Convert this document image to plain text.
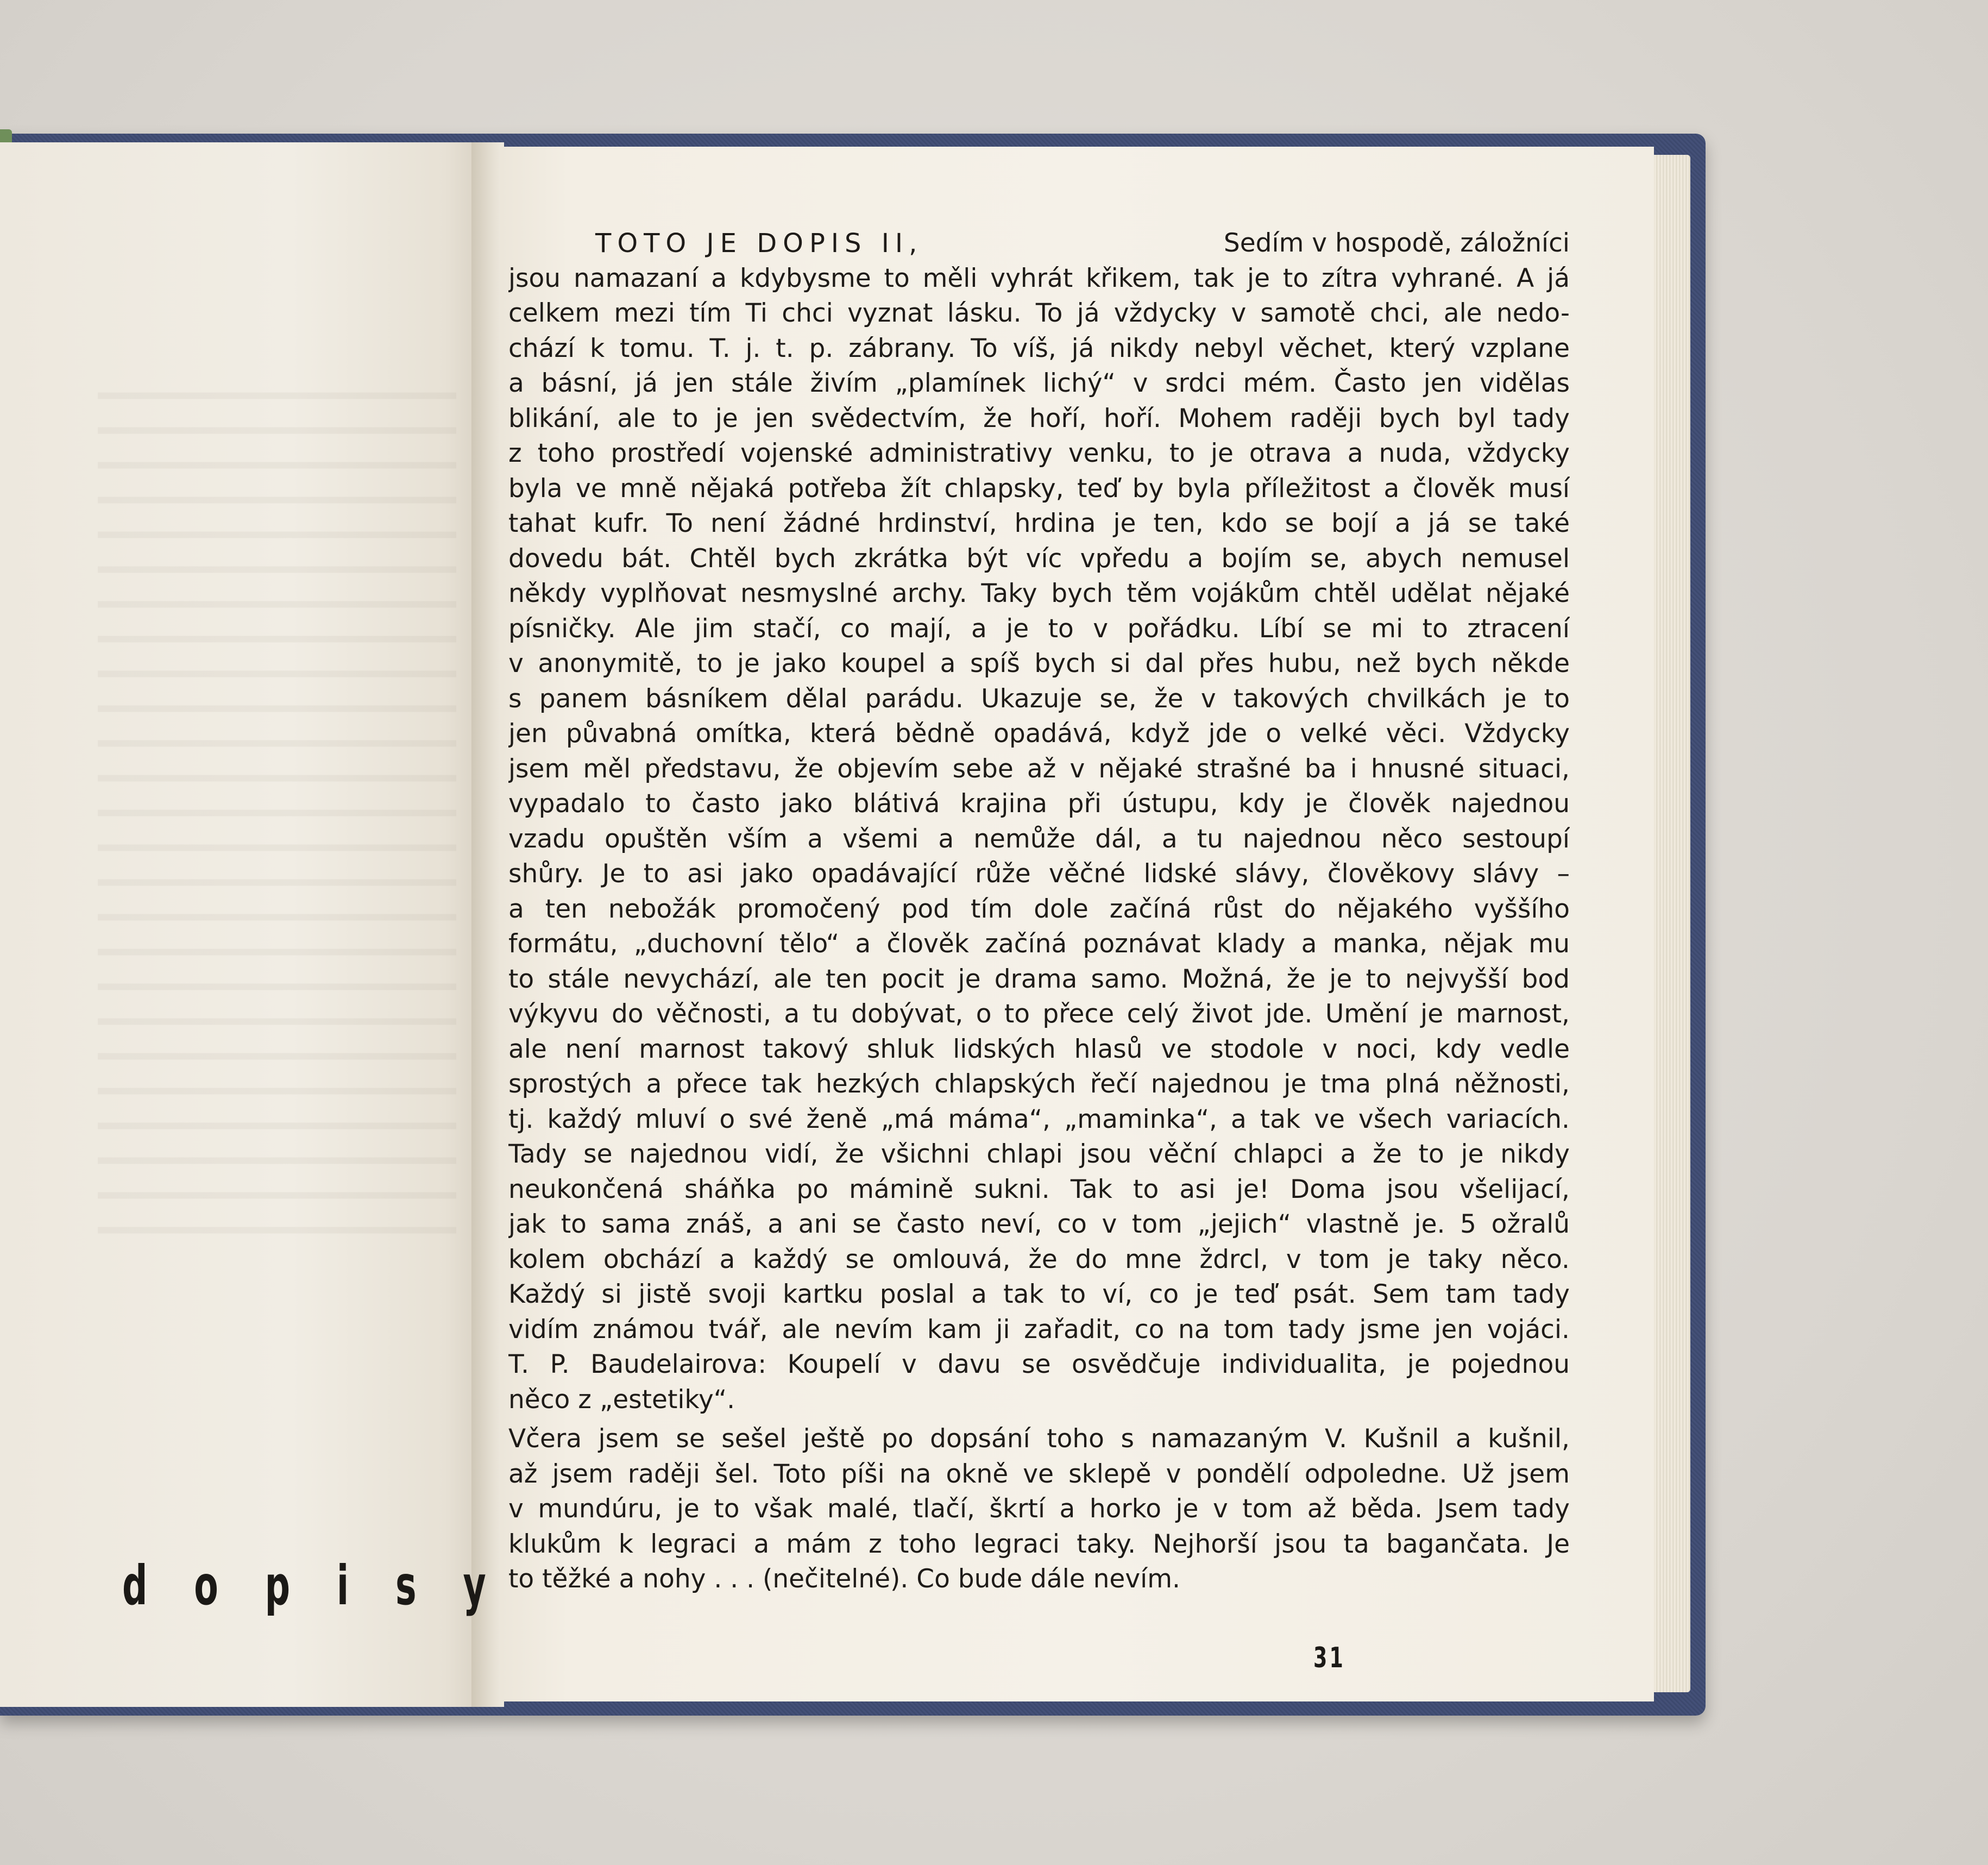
TOTO JE DOPIS II,	Sedím v hospodě, záložníci
jsou namazaní a kdybysme to měli vyhrát křikem, tak je to zítra vyhrané. A já
celkem mezi tím Ti chci vyznat lásku. To já vždycky v samotě chci, ale nedo-
chází k tomu. T. j. t. p. zábrany. To víš, já nikdy nebyl věchet, který vzplane
a básní, já jen stále živím „plamínek lichý“ v srdci mém. Často jen vidělas
blikání, ale to je jen svědectvím, že hoří, hoří. Mohem raději bych byl tady
z toho prostředí vojenské administrativy venku, to je otrava a nuda, vždycky
byla ve mně nějaká potřeba žít chlapsky, teď by byla příležitost a člověk musí
tahat kufr. To není žádné hrdinství, hrdina je ten, kdo se bojí a já se také
dovedu bát. Chtěl bych zkrátka být víc vpředu a bojím se, abych nemusel
někdy vyplňovat nesmyslné archy. Taky bych těm vojákům chtěl udělat nějaké
písničky. Ale jim stačí, co mají, a je to v pořádku. Líbí se mi to ztracení
v anonymitě, to je jako koupel a spíš bych si dal přes hubu, než bych někde
s panem básníkem dělal parádu. Ukazuje se, že v takových chvilkách je to
jen půvabná omítka, která bědně opadává, když jde o velké věci. Vždycky
jsem měl představu, že objevím sebe až v nějaké strašné ba i hnusné situaci,
vypadalo to často jako blátivá krajina při ústupu, kdy je člověk najednou
vzadu opuštěn vším a všemi a nemůže dál, a tu najednou něco sestoupí
shůry. Je to asi jako opadávající růže věčné lidské slávy, člověkovy slávy –
a ten nebožák promočený pod tím dole začíná růst do nějakého vyššího
formátu, „duchovní tělo“ a člověk začíná poznávat klady a manka, nějak mu
to stále nevychází, ale ten pocit je drama samo. Možná, že je to nejvyšší bod
výkyvu do věčnosti, a tu dobývat, o to přece celý život jde. Umění je marnost,
ale není marnost takový shluk lidských hlasů ve stodole v noci, kdy vedle
sprostých a přece tak hezkých chlapských řečí najednou je tma plná něžnosti,
tj. každý mluví o své ženě „má máma“, „maminka“, a tak ve všech variacích.
Tady se najednou vidí, že všichni chlapi jsou věční chlapci a že to je nikdy
neukončená sháňka po mámině sukni. Tak to asi je! Doma jsou všelijací,
jak to sama znáš, a ani se často neví, co v tom „jejich“ vlastně je. 5 ožralů
kolem obchází a každý se omlouvá, že do mne ždrcl, v tom je taky něco.
Každý si jistě svoji kartku poslal a tak to ví, co je teď psát. Sem tam tady
vidím známou tvář, ale nevím kam ji zařadit, co na tom tady jsme jen vojáci.
T. P. Baudelairova: Koupelí v davu se osvědčuje individualita, je pojednou
něco z „estetiky“.
Včera jsem se sešel ještě po dopsání toho s namazaným V. Kušnil a kušnil,
až jsem raději šel. Toto píši na okně ve sklepě v pondělí odpoledne. Už jsem
v mundúru, je to však malé, tlačí, škrtí a horko je v tom až běda. Jsem tady
klukům k legraci a mám z toho legraci taky. Nejhorší jsou ta bagančata. Je
to těžké a nohy . . . (nečitelné). Co bude dále nevím.
d o p i s y
31
